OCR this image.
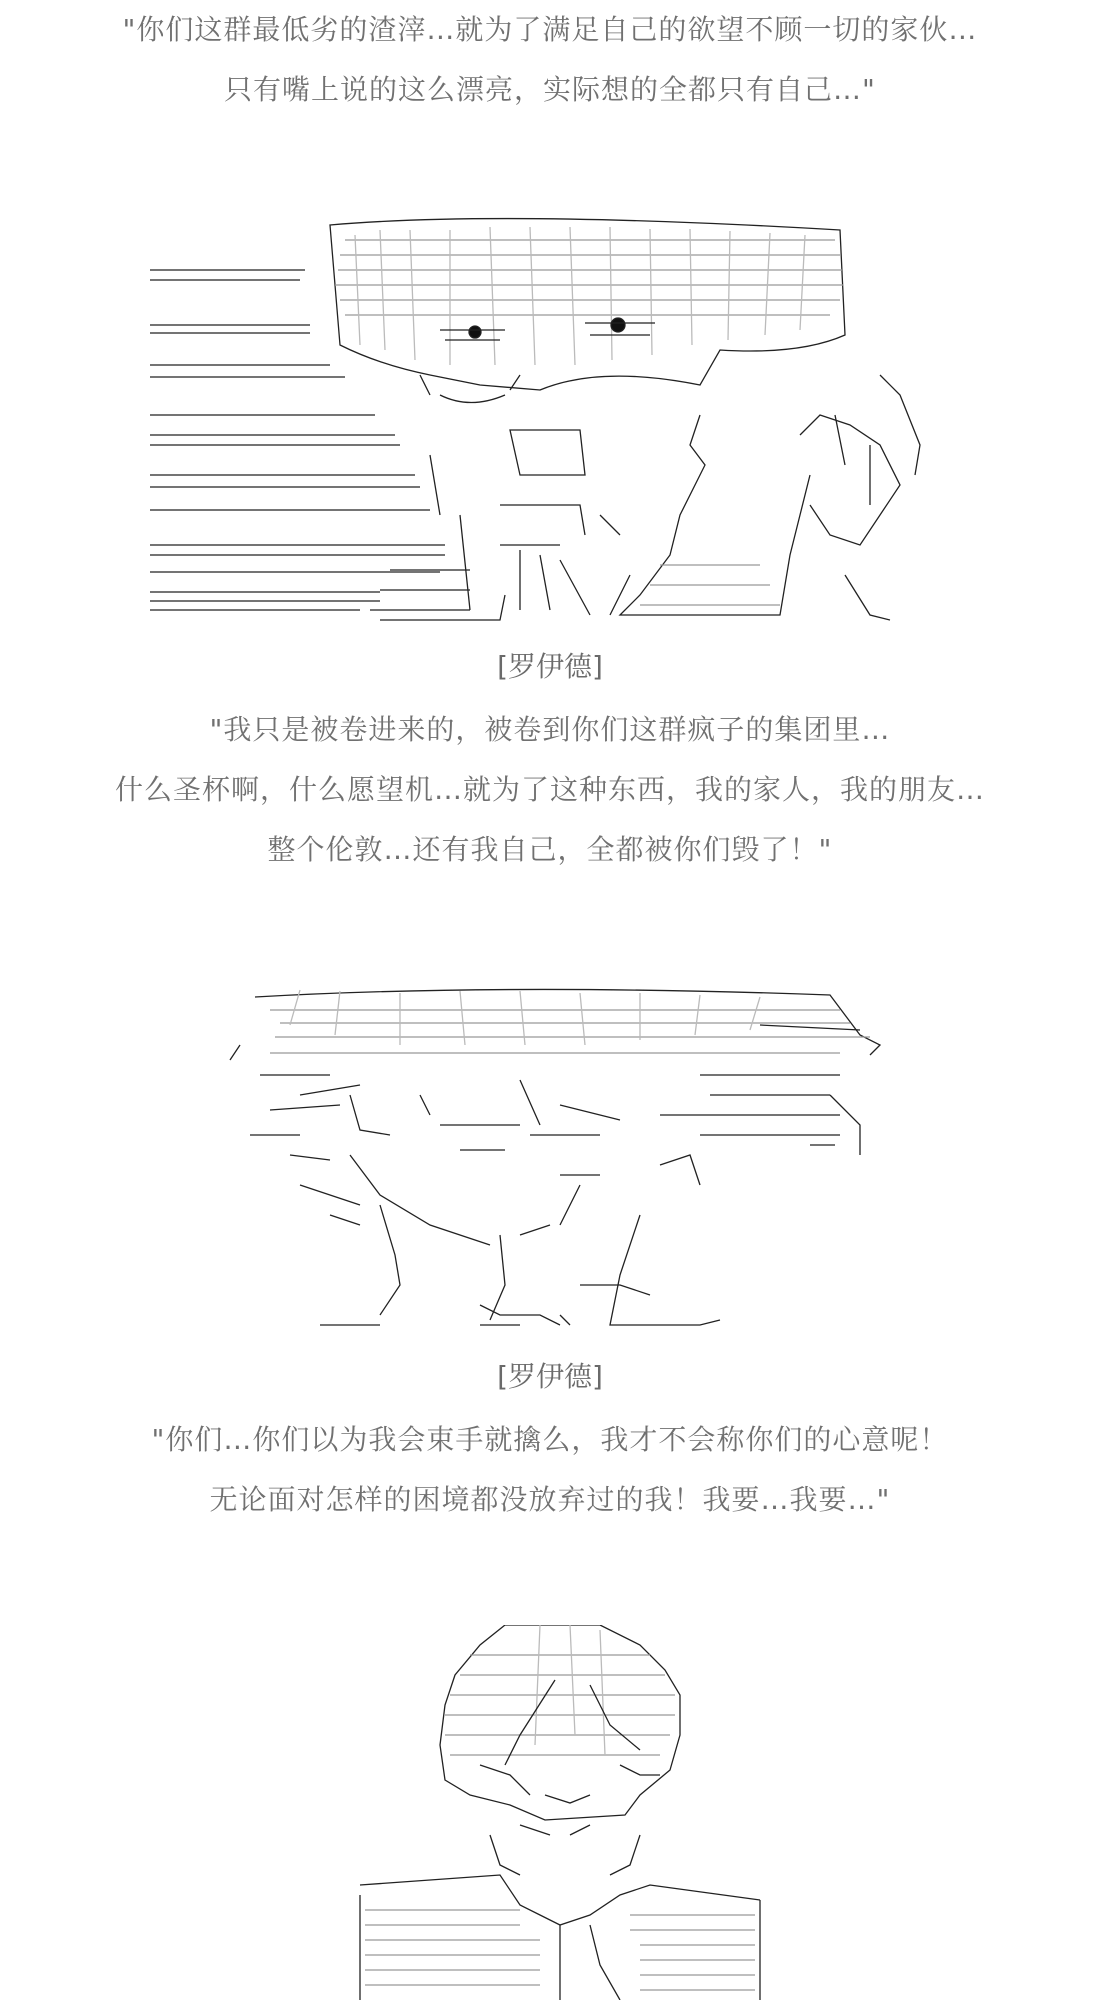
"你们这群最低劣的渣滓…就为了满足自己的欲望不顾一切的家伙…
只有嘴上说的这么漂亮，实际想的全都只有自己…"
[罗伊德]
"我只是被卷进来的，被卷到你们这群疯子的集团里…
什么圣杯啊，什么愿望机…就为了这种东西，我的家人，我的朋友…
整个伦敦…还有我自己，全都被你们毁了！"
[罗伊德]
"你们…你们以为我会束手就擒么，我才不会称你们的心意呢！
无论面对怎样的困境都没放弃过的我！我要…我要…"
